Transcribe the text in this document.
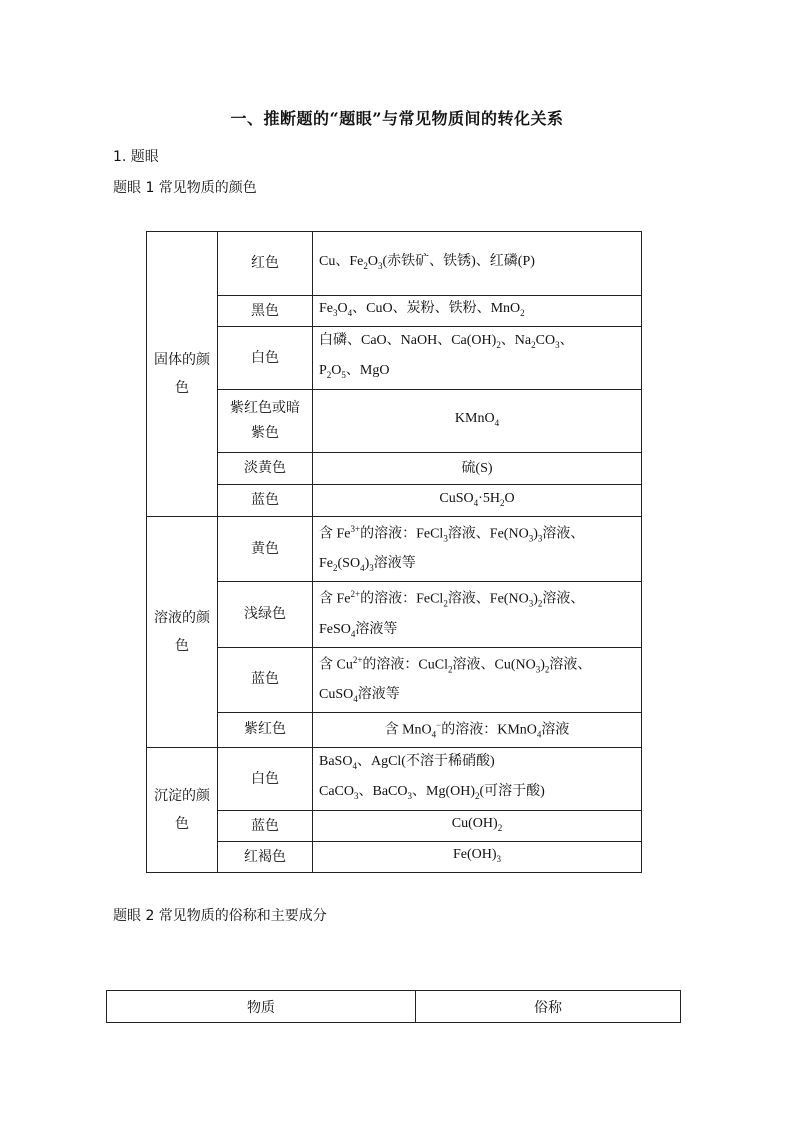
一、推断题的“题眼”与常见物质间的转化关系
1. 题眼
题眼 1 常见物质的颜色
固体的颜色	红色	Cu、$Fe_2O_3$(赤铁矿、铁锈)、红磷(P)
	黑色	$Fe_3O_4$、CuO、炭粉、铁粉、MnO$_2$
	白色	白磷、CaO、NaOH、$Ca(OH)_2$、$Na_2CO_3$、
$P_2O_5$、MgO
	紫红色或暗紫色	KMnO$_4$
	淡黄色	硫(S)
	蓝色	$CuSO_4\cdot 5H_2O$
溶液的颜色	黄色	含 $Fe^{3+}$的溶液：FeCl$_3$溶液、$Fe(NO_3)_3$溶液、
$Fe_2(SO_4)_3$溶液等
	浅绿色	含 $Fe^{2+}$的溶液：FeCl$_2$溶液、$Fe(NO_3)_2$溶液、
FeSO$_4$溶液等
	蓝色	含 $Cu^{2+}$的溶液：CuCl$_2$溶液、$Cu(NO_3)_2$溶液、
CuSO$_4$溶液等
	紫红色	含 MnO$_4$−的溶液：KMnO$_4$溶液
沉淀的颜色	白色	BaSO$_4$、AgCl(不溶于稀硝酸)
CaCO$_3$、BaCO$_3$、$Mg(OH)_2$(可溶于酸)
	蓝色	$Cu(OH)_2$
	红褐色	$Fe(OH)_3$
题眼 2 常见物质的俗称和主要成分
物质	俗称
